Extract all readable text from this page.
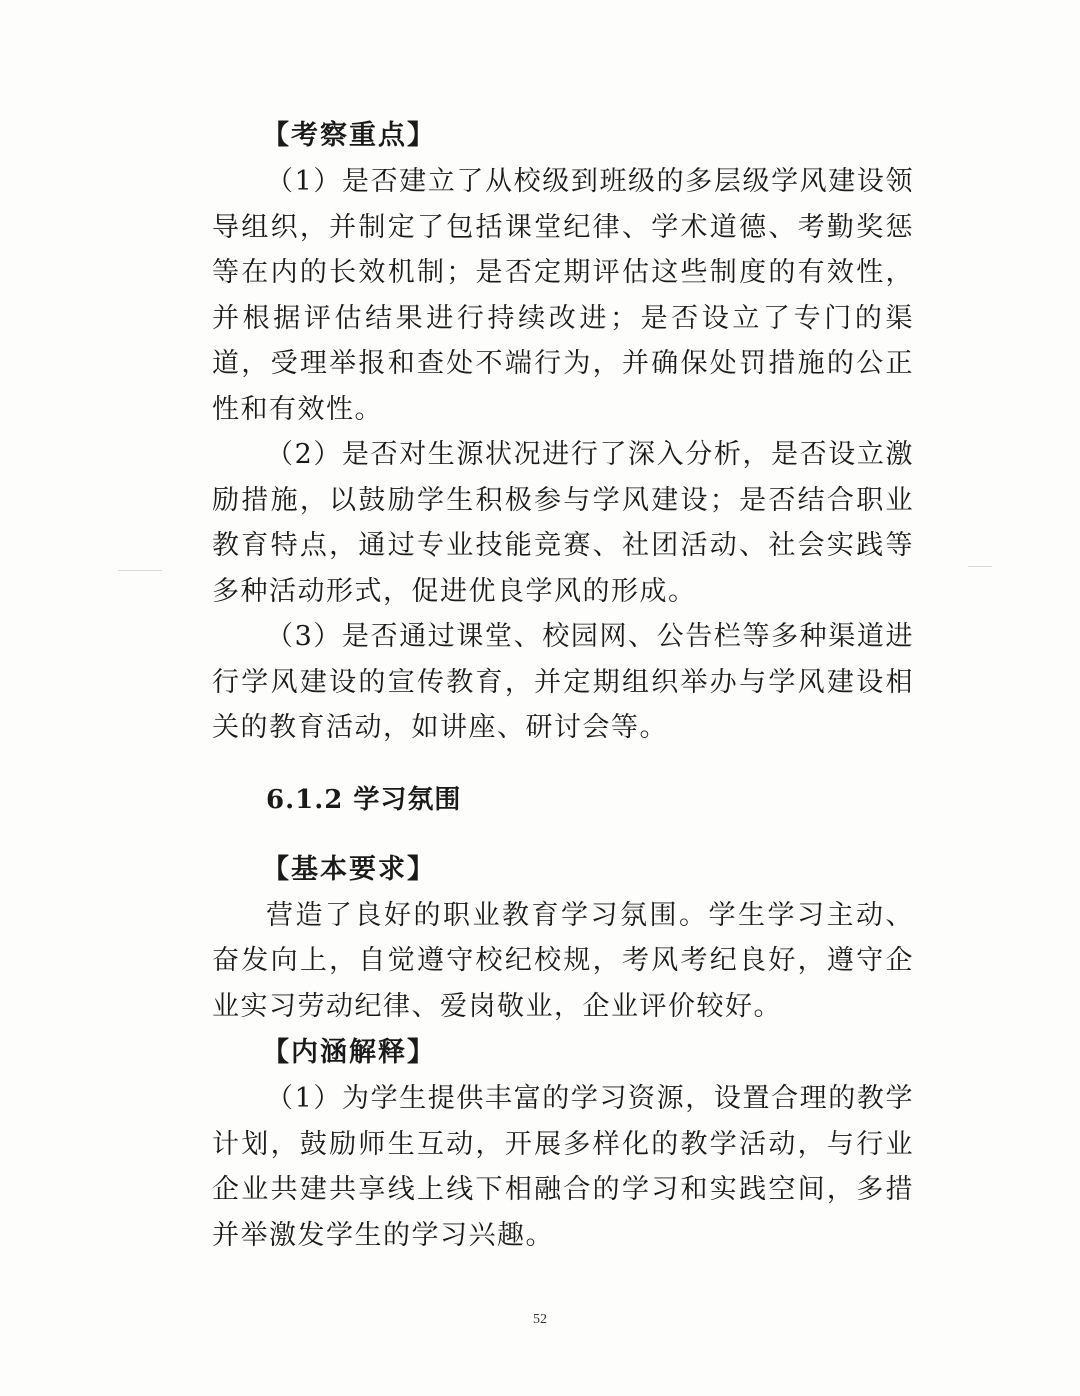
【考察重点】
（1）是否建立了从校级到班级的多层级学风建设领导组织，并制定了包括课堂纪律、学术道德、考勤奖惩等在内的长效机制；是否定期评估这些制度的有效性，并根据评估结果进行持续改进；是否设立了专门的渠道，受理举报和查处不端行为，并确保处罚措施的公正性和有效性。
（2）是否对生源状况进行了深入分析，是否设立激励措施，以鼓励学生积极参与学风建设；是否结合职业教育特点，通过专业技能竞赛、社团活动、社会实践等多种活动形式，促进优良学风的形成。
（3）是否通过课堂、校园网、公告栏等多种渠道进行学风建设的宣传教育，并定期组织举办与学风建设相关的教育活动，如讲座、研讨会等。
6.1.2 学习氛围
【基本要求】
营造了良好的职业教育学习氛围。学生学习主动、奋发向上，自觉遵守校纪校规，考风考纪良好，遵守企业实习劳动纪律、爱岗敬业，企业评价较好。
【内涵解释】
（1）为学生提供丰富的学习资源，设置合理的教学计划，鼓励师生互动，开展多样化的教学活动，与行业企业共建共享线上线下相融合的学习和实践空间，多措并举激发学生的学习兴趣。
52
